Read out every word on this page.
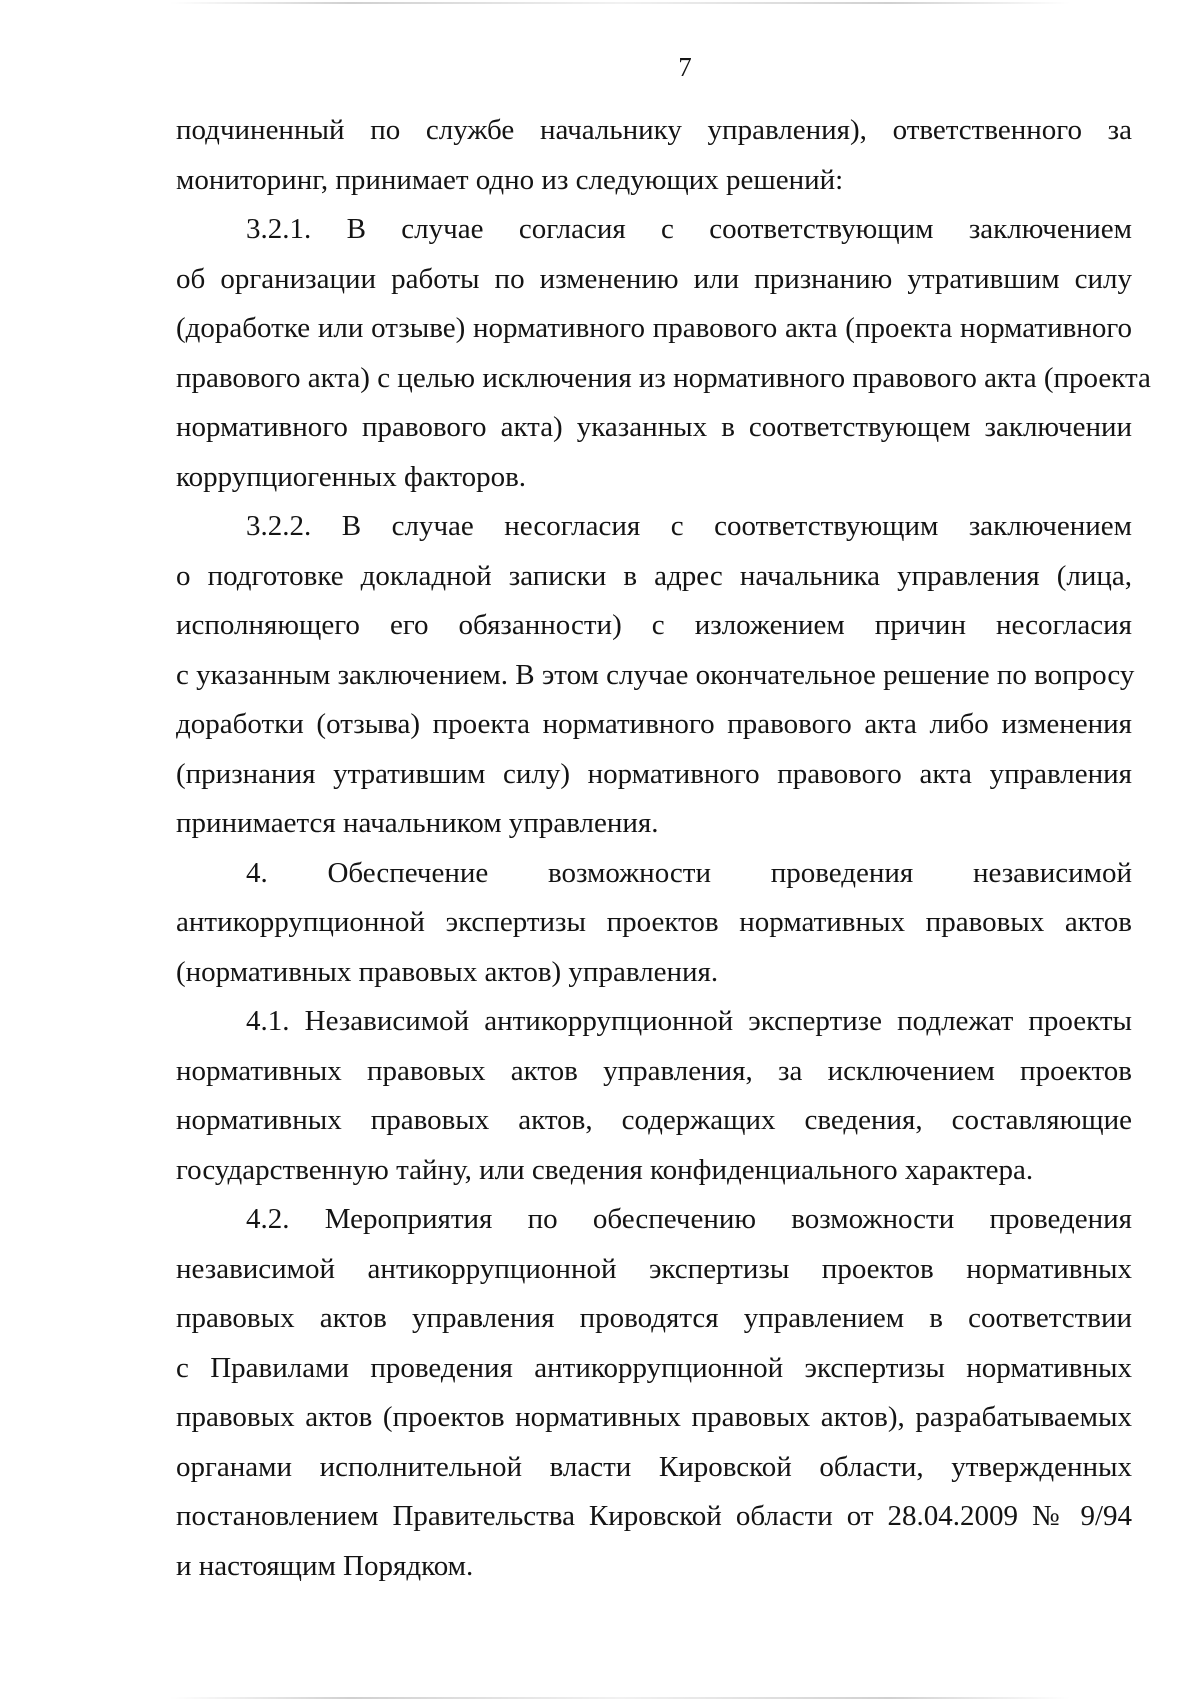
7

подчиненный по службе начальнику управления), ответственного за
мониторинг, принимает одно из следующих решений:

3.2.1. В случае согласия с соответствующим заключением
об организации работы по изменению или признанию утратившим силу
(доработке или отзыве) нормативного правового акта (проекта нормативного
правового акта) с целью исключения из нормативного правового акта (проекта
нормативного правового акта) указанных в соответствующем заключении
коррупциогенных факторов.

3.2.2. В случае несогласия с соответствующим заключением
о подготовке докладной записки в адрес начальника управления (лица,
исполняющего его обязанности) с изложением причин несогласия
с указанным заключением. В этом случае окончательное решение по вопросу
доработки (отзыва) проекта нормативного правового акта либо изменения
(признания утратившим силу) нормативного правового акта управления
принимается начальником управления.

4. Обеспечение возможности проведения независимой
антикоррупционной экспертизы проектов нормативных правовых актов
(нормативных правовых актов) управления.

4.1. Независимой антикоррупционной экспертизе подлежат проекты
нормативных правовых актов управления, за исключением проектов
нормативных правовых актов, содержащих сведения, составляющие
государственную тайну, или сведения конфиденциального характера.

4.2. Мероприятия по обеспечению возможности проведения
независимой антикоррупционной экспертизы проектов нормативных
правовых актов управления проводятся управлением в соответствии
с Правилами проведения антикоррупционной экспертизы нормативных
правовых актов (проектов нормативных правовых актов), разрабатываемых
органами исполнительной власти Кировской области, утвержденных
постановлением Правительства Кировской области от 28.04.2009 № 9/94
и настоящим Порядком.
